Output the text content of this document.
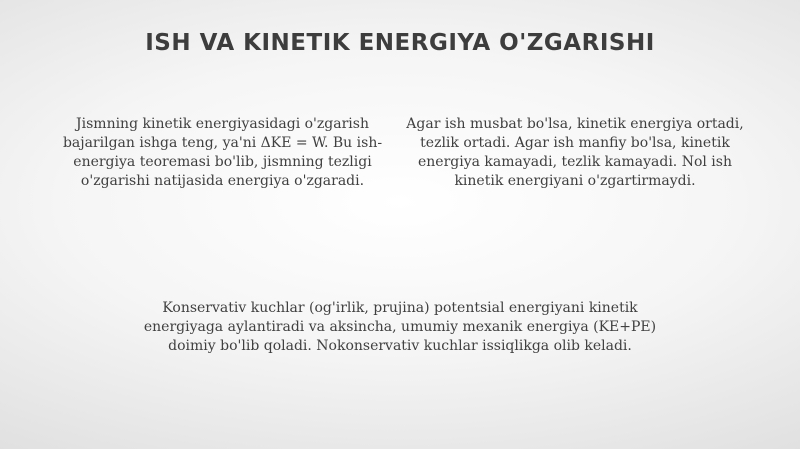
ISH VA KINETIK ENERGIYA O'ZGARISHI

Jismning kinetik energiyasidagi o'zgarish bajarilgan ishga teng, ya'ni ΔKE = W. Bu ish-energiya teoremasi bo'lib, jismning tezligi o'zgarishi natijasida energiya o'zgaradi.

Agar ish musbat bo'lsa, kinetik energiya ortadi, tezlik ortadi. Agar ish manfiy bo'lsa, kinetik energiya kamayadi, tezlik kamayadi. Nol ish kinetik energiyani o'zgartirmaydi.

Konservativ kuchlar (og'irlik, prujina) potentsial energiyani kinetik energiyaga aylantiradi va aksincha, umumiy mexanik energiya (KE+PE) doimiy bo'lib qoladi. Nokonservativ kuchlar issiqlikga olib keladi.
